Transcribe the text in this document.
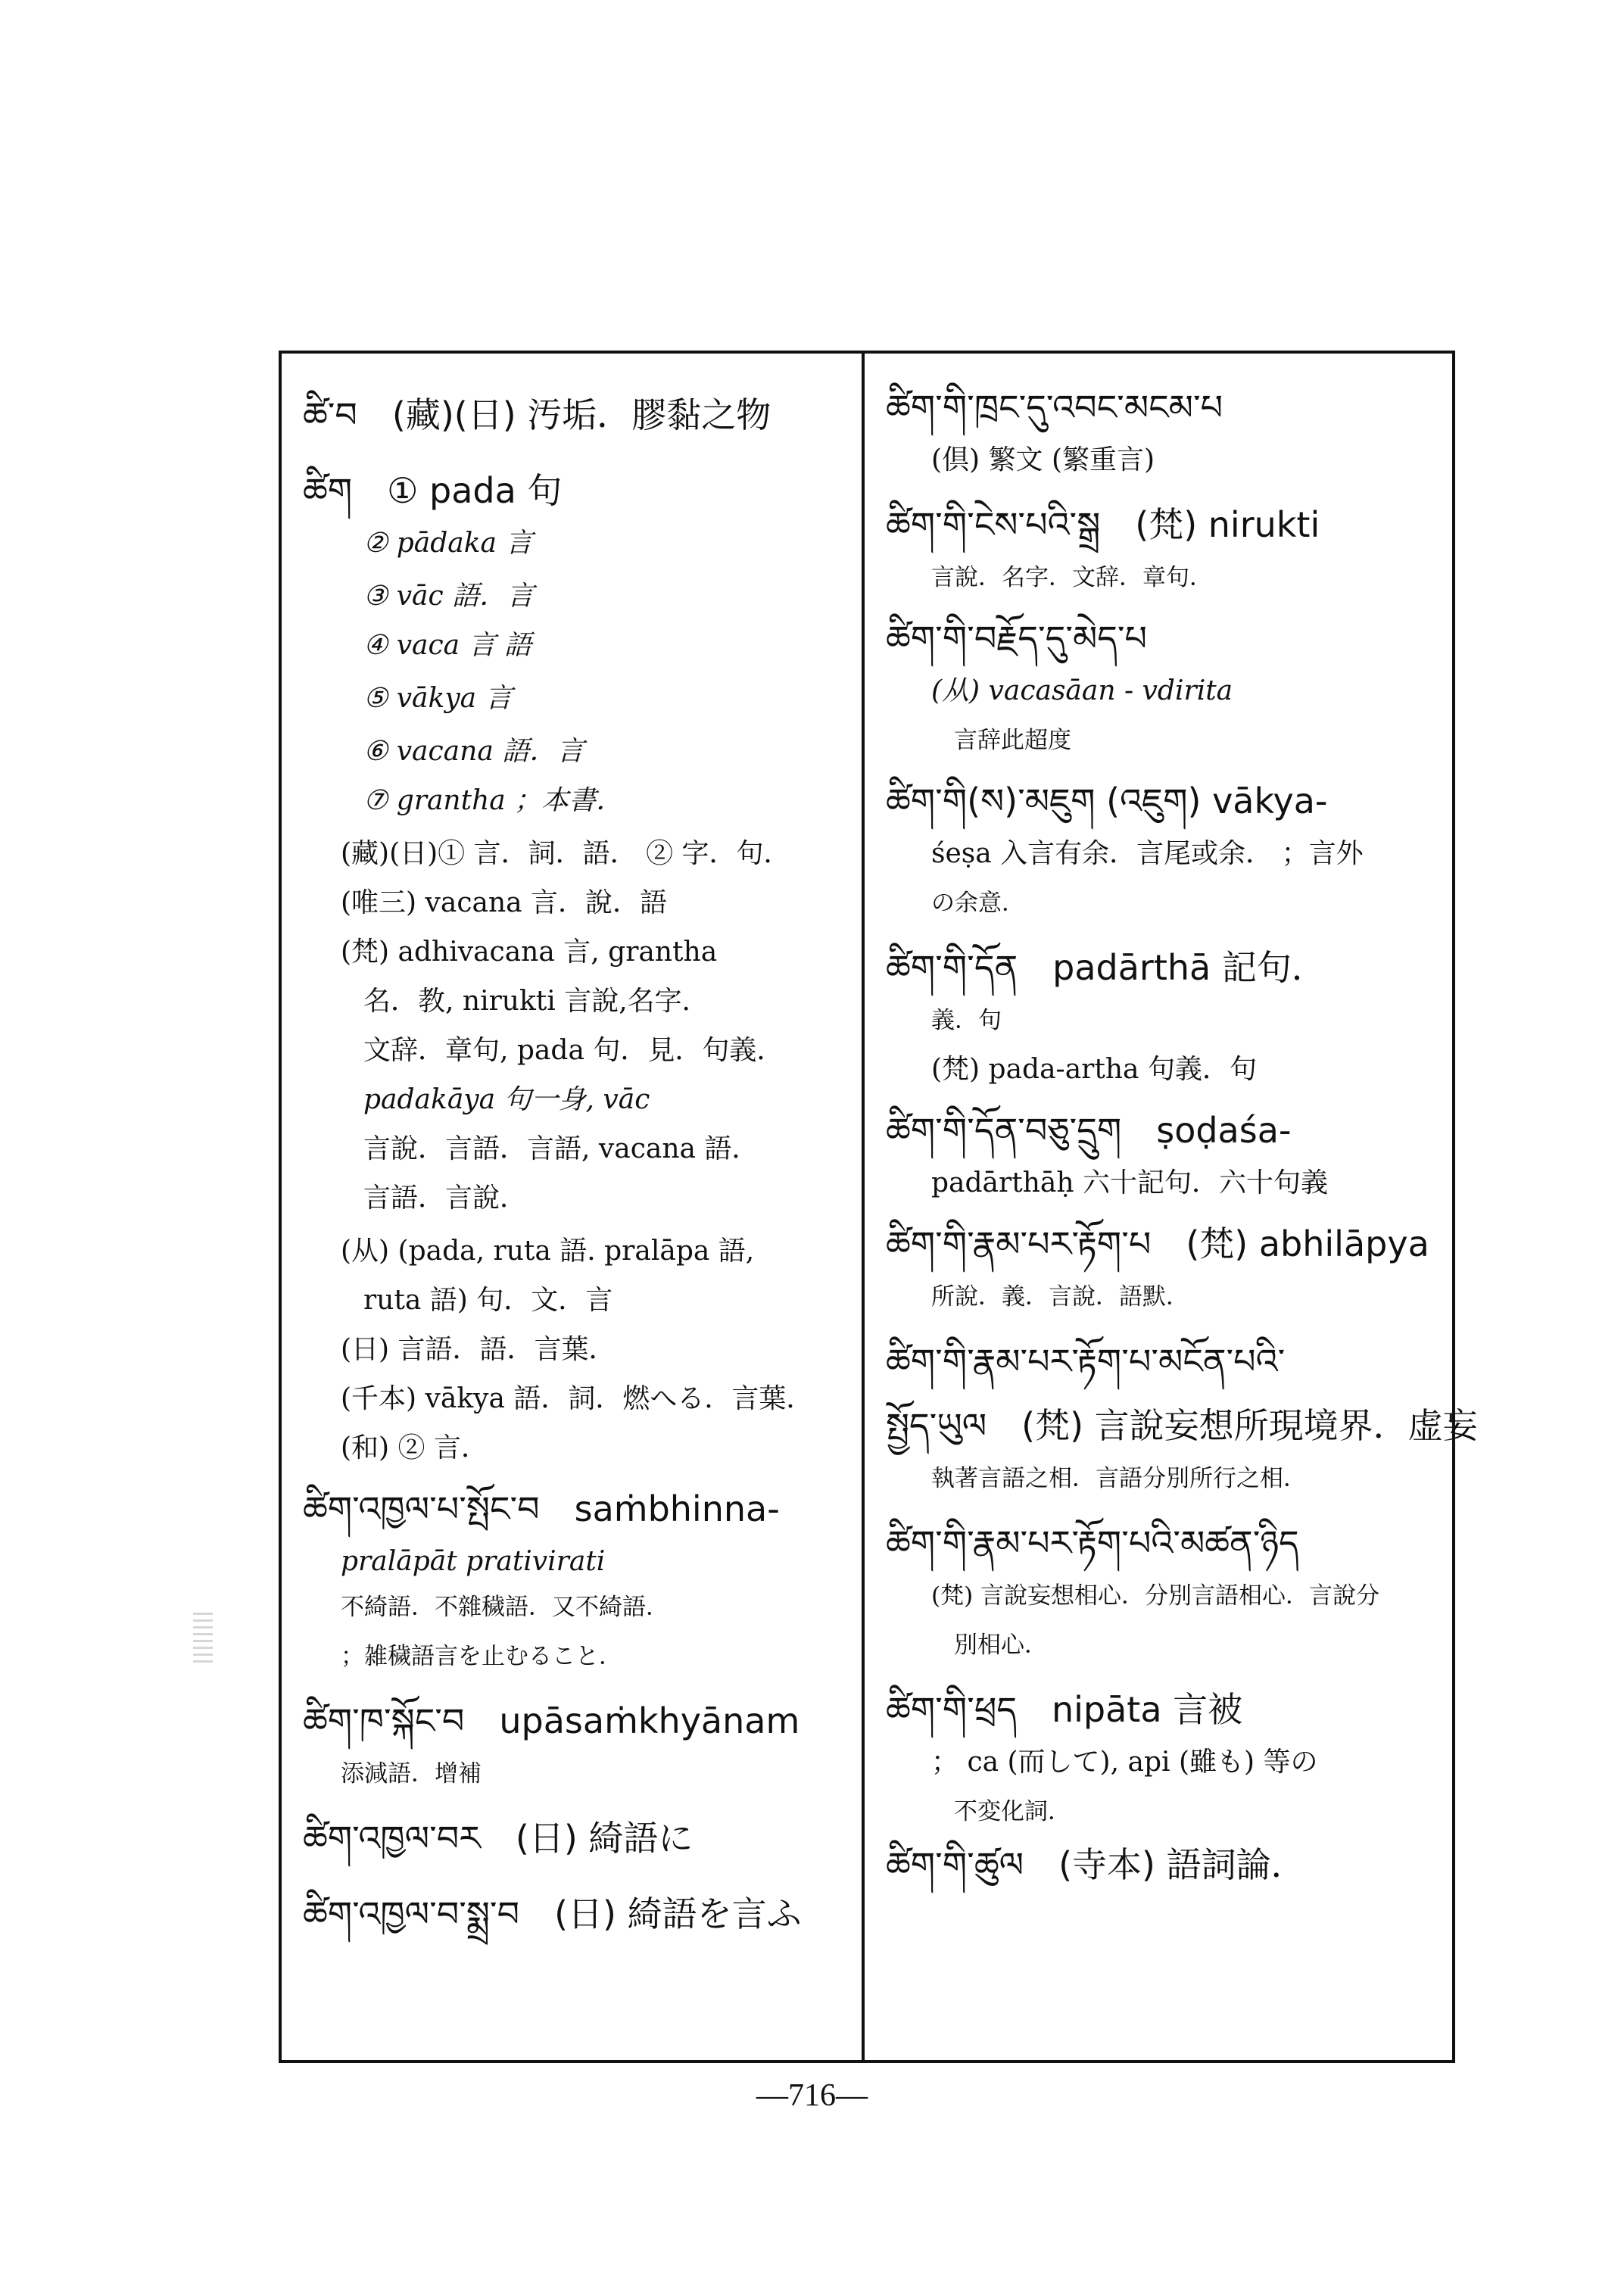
ཚི་བ　(藏)(日) 汚垢．膠黏之物
ཚིག　① pada 句
② pādaka 言
③ vāc 語．言
④ vaca 言 語
⑤ vākya 言
⑥ vacana 語．言
⑦ grantha ；本書．
(藏)(日)① 言．詞．語． ② 字．句．
(唯三) vacana 言．說．語
(梵) adhivacana 言, grantha
名．教, nirukti 言說,名字．
文辞．章句, pada 句．見．句義．
padakāya 句一身, vāc
言說．言語．言語, vacana 語．
言語．言說．
(从) (pada, ruta 語. pralāpa 語,
ruta 語) 句．文．言
(日) 言語．語．言葉．
(千本) vākya 語．詞．燃へる．言葉．
(和) ② 言．
ཚིག་འཁྱལ་པ་སྤོང་བ　saṁbhinna-
pralāpāt prativirati
不綺語．不雜穢語．又不綺語．
；雑穢語言を止むること．
ཚིག་ཁ་སྐོང་བ　upāsaṁkhyānam
添減語．增補
ཚིག་འཁྱལ་བར　(日) 綺語に
ཚིག་འཁྱལ་བ་སྨྲ་བ　(日) 綺語を言ふ
ཚིག་གི་ཁྲང་དུ་འབང་མངམ་པ
(倶) 繁文 (繁重言)
ཚིག་གི་ངེས་པའི་སྒྲ　(梵) nirukti
言說．名字．文辞．章句．
ཚིག་གི་བརྗོད་དུ་མེད་པ
(从) vacasāan - vdirita
言辞此超度
ཚིག་གི(ས)་མཇུག (འཇུག) vākya-
śeṣa 入言有余．言尾或余． ；言外
の余意．
ཚིག་གི་དོན　padārthā 記句．
義．句
(梵) pada-artha 句義．句
ཚིག་གི་དོན་བཅུ་དྲུག　ṣoḍaśa-
padārthāḥ 六十記句．六十句義
ཚིག་གི་རྣམ་པར་རྟོག་པ　(梵) abhilāpya
所說．義．言說．語默．
ཚིག་གི་རྣམ་པར་རྟོག་པ་མངོན་པའི་
སྤྱོད་ཡུལ　(梵) 言說妄想所現境界．虚妄
執著言語之相．言語分別所行之相．
ཚིག་གི་རྣམ་པར་རྟོག་པའི་མཚན་ཉིད
(梵) 言說妄想相心．分別言語相心．言說分
別相心．
ཚིག་གི་ཕྲད　nipāta 言被
； ca (而して), api (雖も) 等の
不変化詞．
ཚིག་གི་ཚུལ　(寺本) 語詞論．
—716—
